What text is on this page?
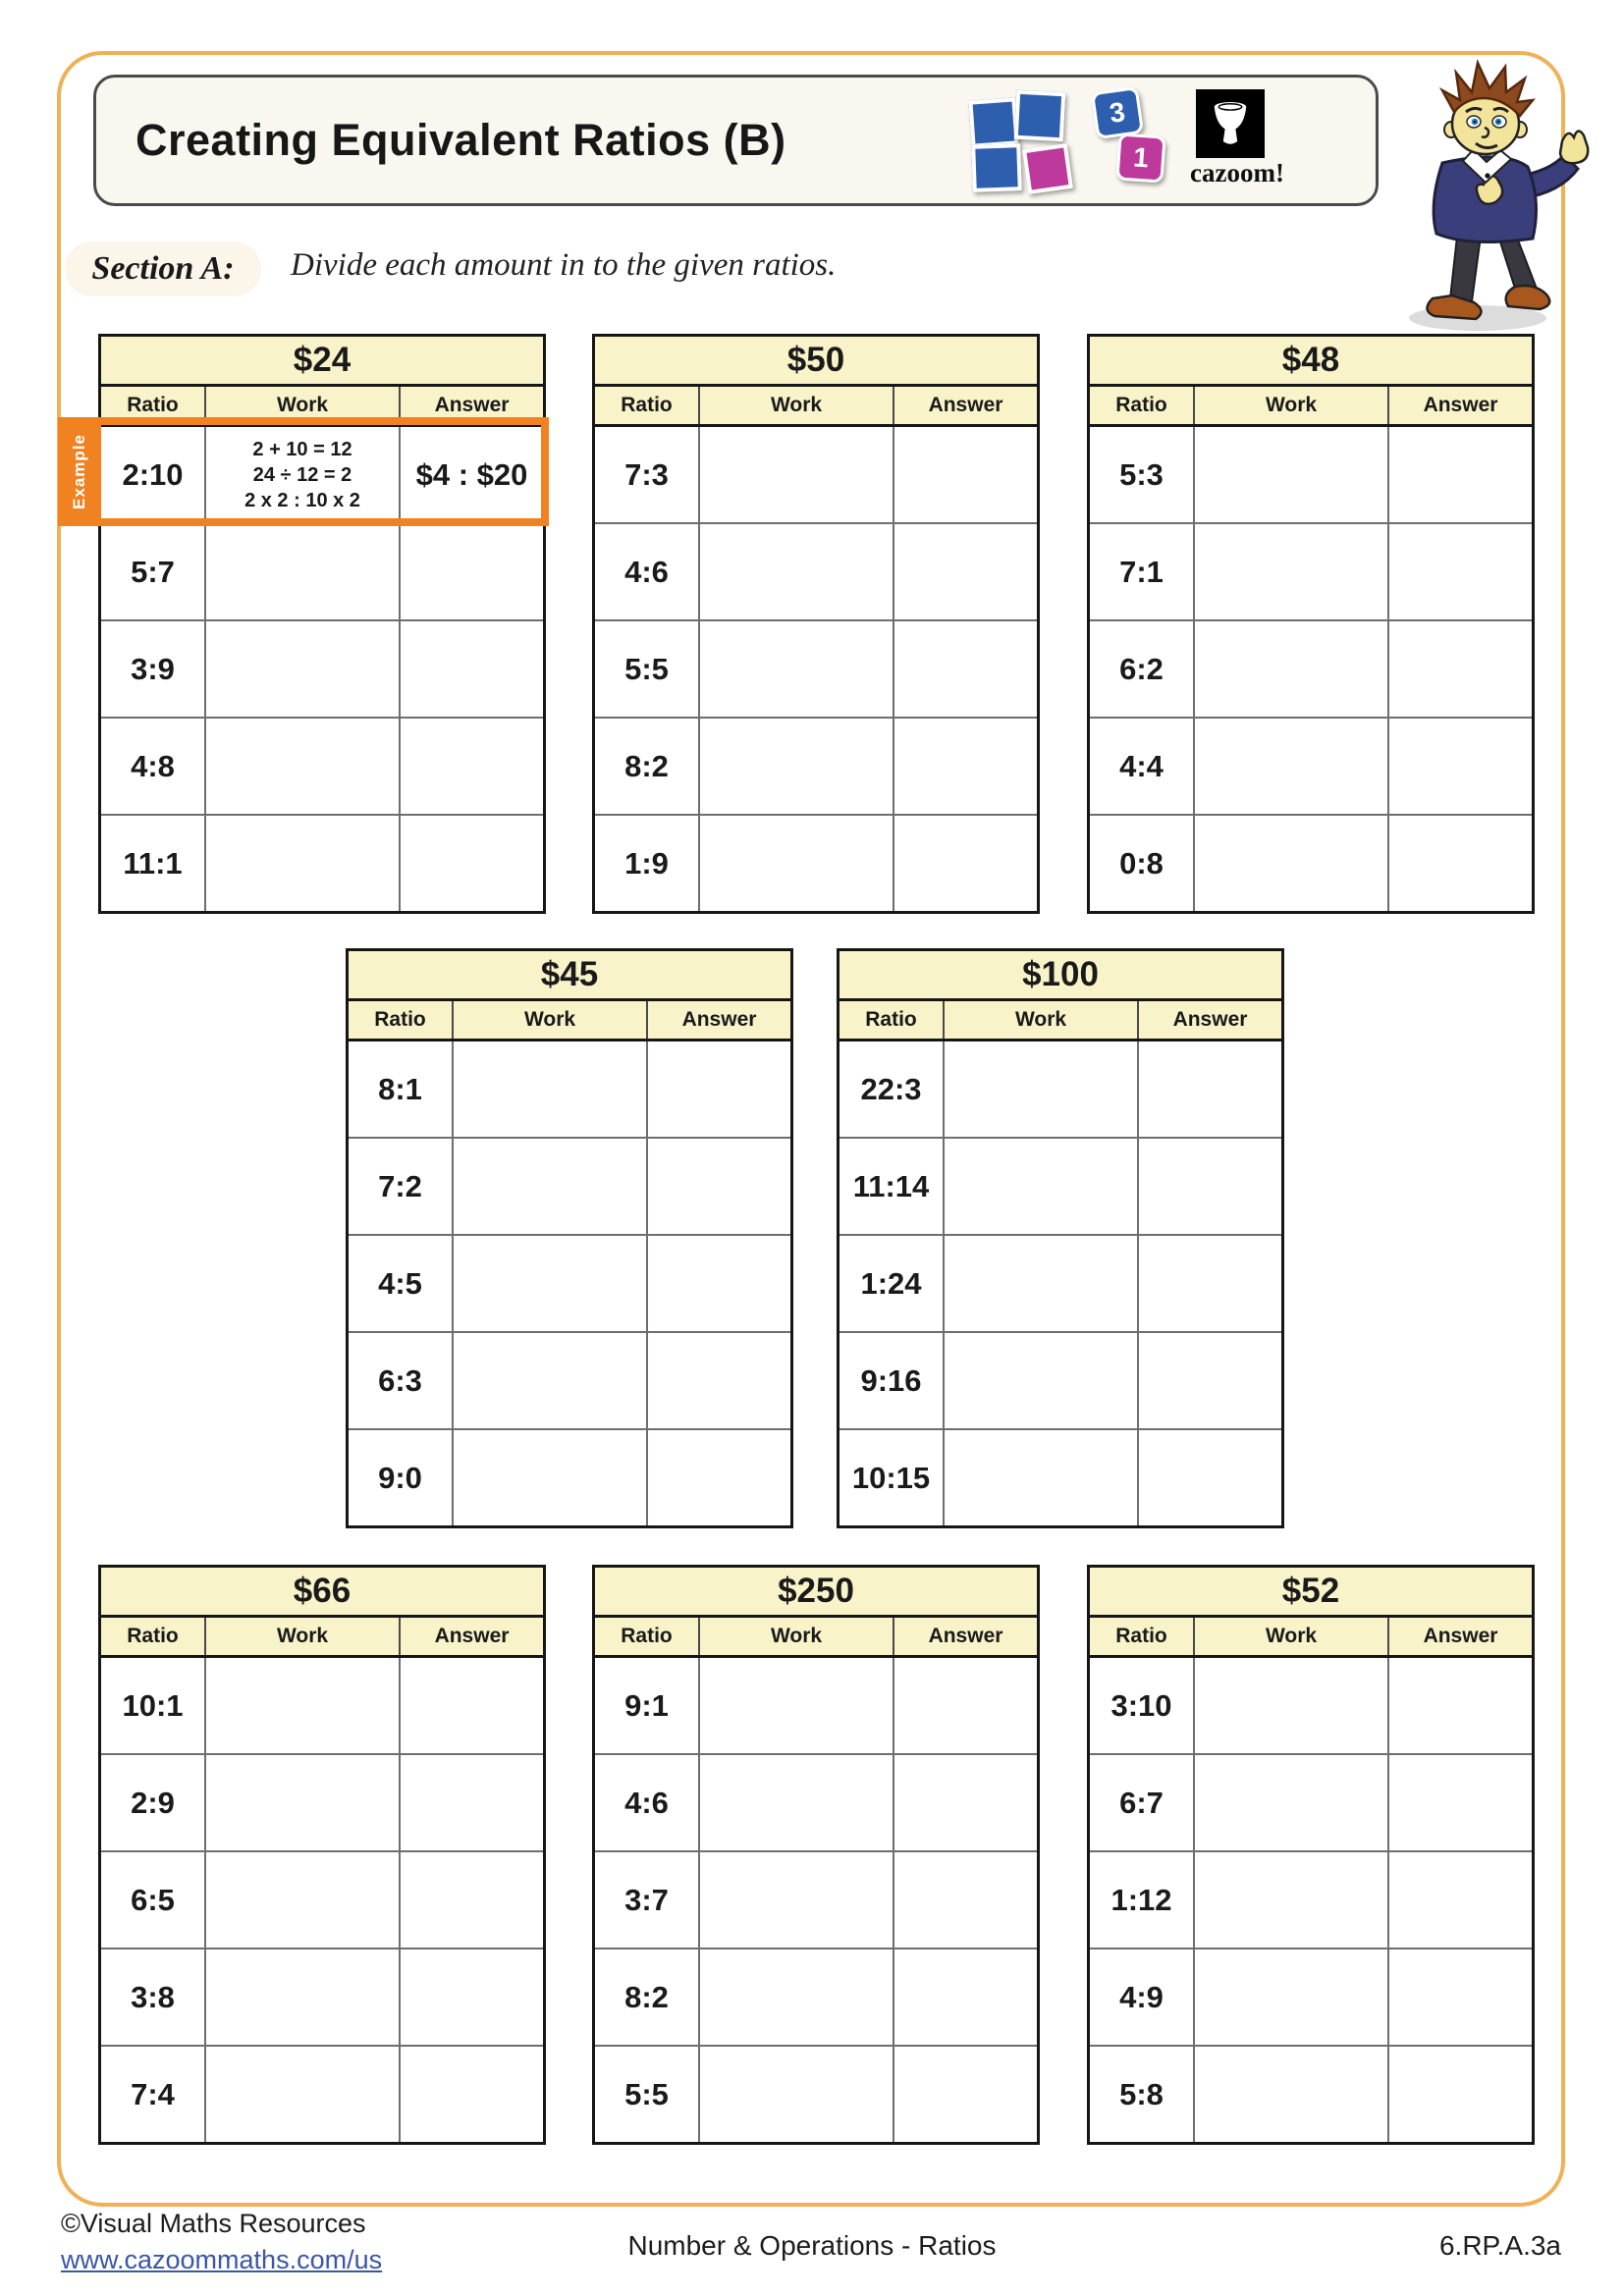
Creating Equivalent Ratios (B)
3
1	cazoom!
Section A: Divide each amount in to the given ratios.
$24
Ratio	Work	Answer
Example	2:10
2 + 10 = 12
24 ÷ 12 = 2
2 x 2 : 10 x 2
$4 : $20
5:7
3:9
4:8
11:1
$50
Ratio	Work	Answer
7:3
4:6
5:5
8:2
1:9
$48
Ratio	Work	Answer
5:3
7:1
6:2
4:4
0:8
$45
Ratio	Work	Answer
8:1
7:2
4:5
6:3
9:0
$100
Ratio	Work	Answer
22:3
11:14
1:24
9:16
10:15
$66
Ratio	Work	Answer
10:1
2:9
6:5
3:8
7:4
$250
Ratio	Work	Answer
9:1
4:6
3:7
8:2
5:5
$52
Ratio	Work	Answer
3:10
6:7
1:12
4:9
5:8
©Visual Maths Resources
www.cazoommaths.com/us	Number & Operations - Ratios	6.RP.A.3a
